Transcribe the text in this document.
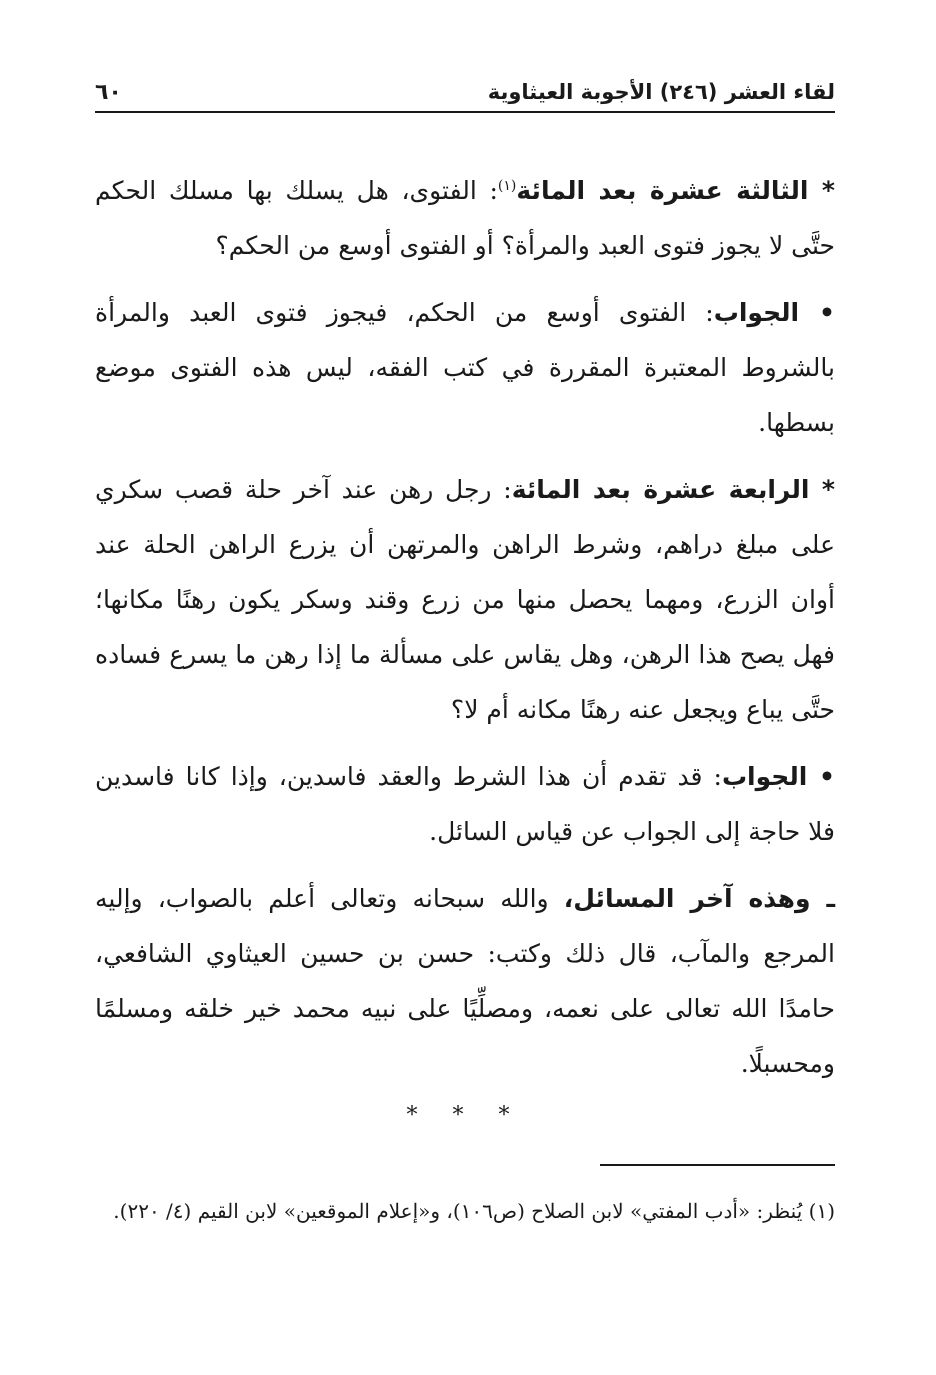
لقاء العشر (٢٤٦) الأجوبة العيثاوية
٦٠

* الثالثة عشرة بعد المائة$^{(١)}$: الفتوى، هل يسلك بها مسلك الحكم حتَّى لا يجوز فتوى العبد والمرأة؟ أو الفتوى أوسع من الحكم؟

• الجواب: الفتوى أوسع من الحكم، فيجوز فتوى العبد والمرأة بالشروط المعتبرة المقررة في كتب الفقه، ليس هذه الفتوى موضع بسطها.

* الرابعة عشرة بعد المائة: رجل رهن عند آخر حلة قصب سكري على مبلغ دراهم، وشرط الراهن والمرتهن أن يزرع الراهن الحلة عند أوان الزرع، ومهما يحصل منها من زرع وقند وسكر يكون رهنًا مكانها؛ فهل يصح هذا الرهن، وهل يقاس على مسألة ما إذا رهن ما يسرع فساده حتَّى يباع ويجعل عنه رهنًا مكانه أم لا؟

• الجواب: قد تقدم أن هذا الشرط والعقد فاسدين، وإذا كانا فاسدين فلا حاجة إلى الجواب عن قياس السائل.

ـ وهذه آخر المسائل، والله سبحانه وتعالى أعلم بالصواب، وإليه المرجع والمآب، قال ذلك وكتب: حسن بن حسين العيثاوي الشافعي، حامدًا الله تعالى على نعمه، ومصلِّيًا على نبيه محمد خير خلقه ومسلمًا ومحسبلًا.

* * *
(١) يُنظر: «أدب المفتي» لابن الصلاح (ص١٠٦)، و«إعلام الموقعين» لابن القيم (٤/ ٢٢٠).
